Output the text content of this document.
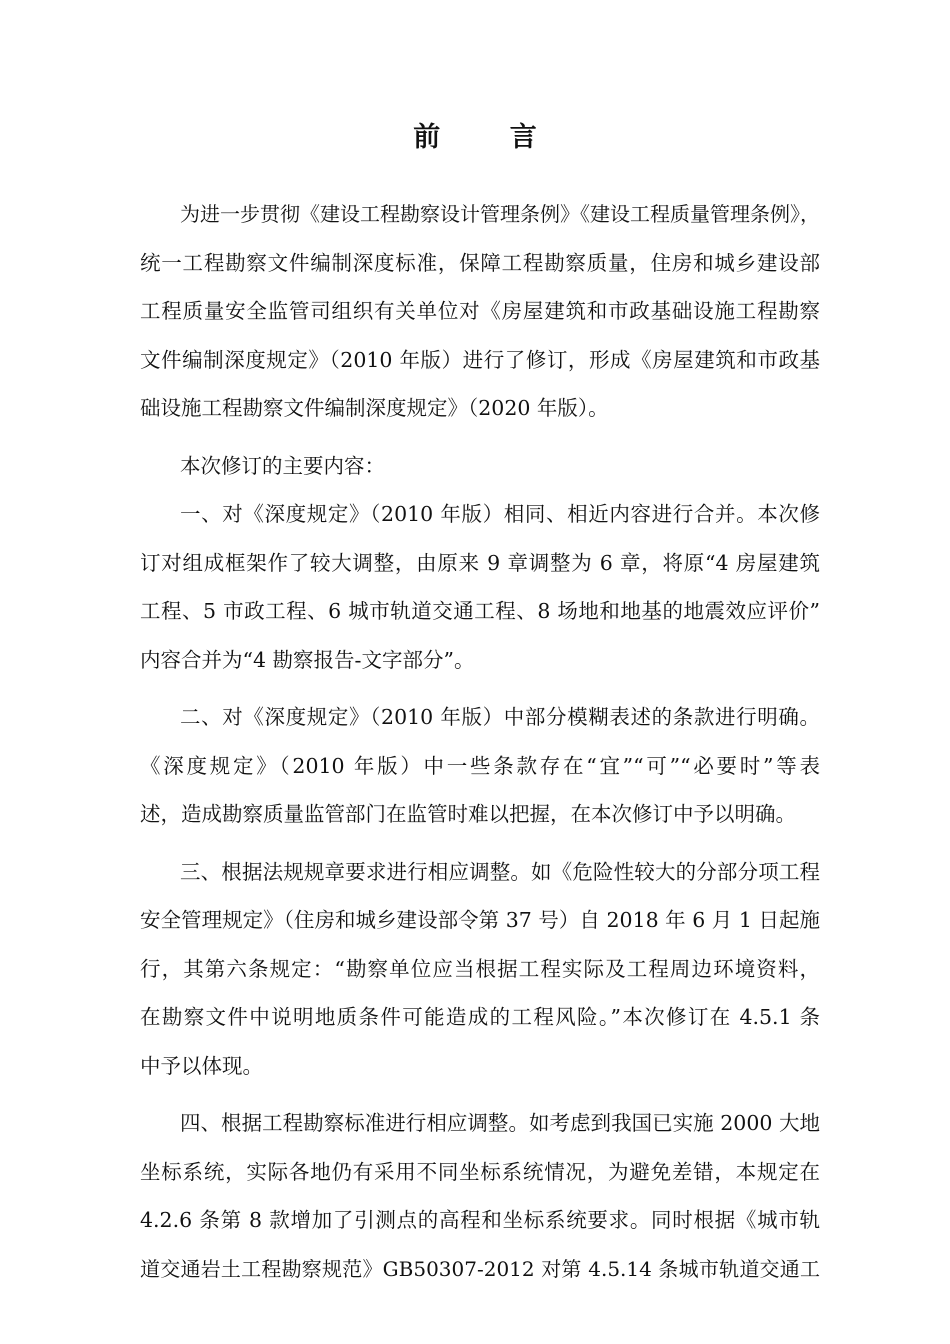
前 言
为进一步贯彻《建设工程勘察设计管理条例》《建设工程质量管理条例》，
统一工程勘察文件编制深度标准，保障工程勘察质量，住房和城乡建设部
工程质量安全监管司组织有关单位对《房屋建筑和市政基础设施工程勘察
文件编制深度规定》（2010 年版）进行了修订，形成《房屋建筑和市政基
础设施工程勘察文件编制深度规定》（2020 年版）。
本次修订的主要内容：
一、对《深度规定》（2010 年版）相同、相近内容进行合并。本次修
订对组成框架作了较大调整，由原来 9 章调整为 6 章，将原“4 房屋建筑
工程、5 市政工程、6 城市轨道交通工程、8 场地和地基的地震效应评价”
内容合并为“4 勘察报告-文字部分”。
二、对《深度规定》（2010 年版）中部分模糊表述的条款进行明确。
《深度规定》（2010 年版）中一些条款存在“宜”“可”“必要时”等表
述，造成勘察质量监管部门在监管时难以把握，在本次修订中予以明确。
三、根据法规规章要求进行相应调整。如《危险性较大的分部分项工程
安全管理规定》（住房和城乡建设部令第 37 号）自 2018 年 6 月 1 日起施
行，其第六条规定：“勘察单位应当根据工程实际及工程周边环境资料，
在勘察文件中说明地质条件可能造成的工程风险。”本次修订在 4.5.1 条
中予以体现。
四、根据工程勘察标准进行相应调整。如考虑到我国已实施 2000 大地
坐标系统，实际各地仍有采用不同坐标系统情况，为避免差错，本规定在
4.2.6 条第 8 款增加了引测点的高程和坐标系统要求。同时根据《城市轨
道交通岩土工程勘察规范》GB50307-2012 对第 4.5.14 条城市轨道交通工
